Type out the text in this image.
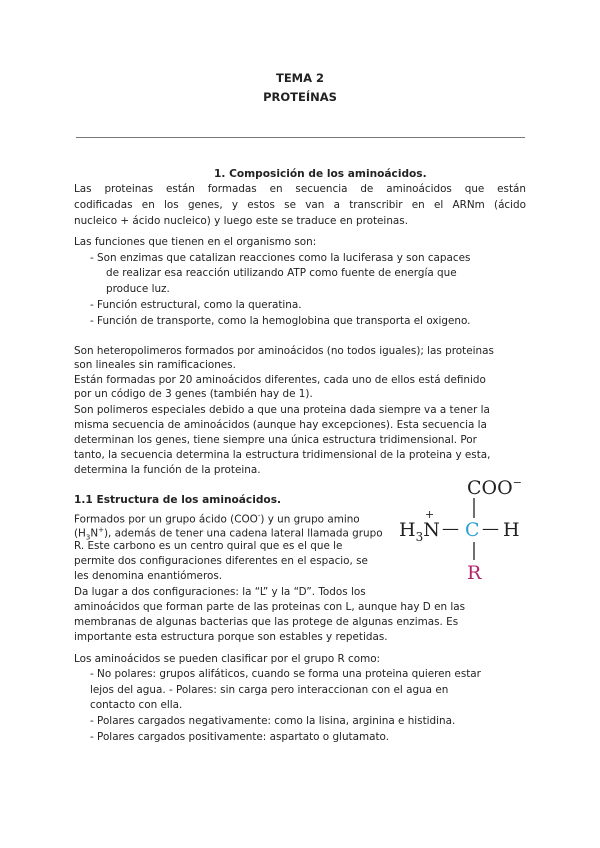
TEMA 2
PROTEÍNAS
1. Composición de los aminoácidos.

Las proteinas están formadas en secuencia de aminoácidos que están

codificadas en los genes, y estos se van a transcribir en el ARNm (ácido

nucleico + ácido nucleico) y luego este se traduce en proteinas.

Las funciones que tienen en el organismo son:

- Son enzimas que catalizan reacciones como la luciferasa y son capaces

de realizar esa reacción utilizando ATP como fuente de energía que

produce luz.

- Función estructural, como la queratina.

- Función de transporte, como la hemoglobina que transporta el oxigeno.

Son heteropolimeros formados por aminoácidos (no todos iguales); las proteinas

son lineales sin ramificaciones.

Están formadas por 20 aminoácidos diferentes, cada uno de ellos está definido

por un código de 3 genes (también hay de 1).

Son polimeros especiales debido a que una proteina dada siempre va a tener la

misma secuencia de aminoácidos (aunque hay excepciones). Esta secuencia la

determinan los genes, tiene siempre una única estructura tridimensional. Por

tanto, la secuencia determina la estructura tridimensional de la proteina y esta,

determina la función de la proteina.

1.1 Estructura de los aminoácidos.

Formados por un grupo ácido (COO-) y un grupo amino

$(H_3N^+)$, además de tener una cadena lateral llamada grupo

R. Este carbono es un centro quiral que es el que le

permite dos configuraciones diferentes en el espacio, se

les denomina enantiómeros.

Da lugar a dos configuraciones: la “L” y la “D”. Todos los

aminoácidos que forman parte de las proteinas con L, aunque hay D en las

membranas de algunas bacterias que las protege de algunas enzimas. Es

importante esta estructura porque son estables y repetidas.

Los aminoácidos se pueden clasificar por el grupo R como:

- No polares: grupos alifáticos, cuando se forma una proteina quieren estar

lejos del agua. - Polares: sin carga pero interaccionan con el agua en

contacto con ella.

- Polares cargados negativamente: como la lisina, arginina e histidina.

- Polares cargados positivamente: aspartato o glutamato.

COO−
$H_3N$
+
— C — H
R
